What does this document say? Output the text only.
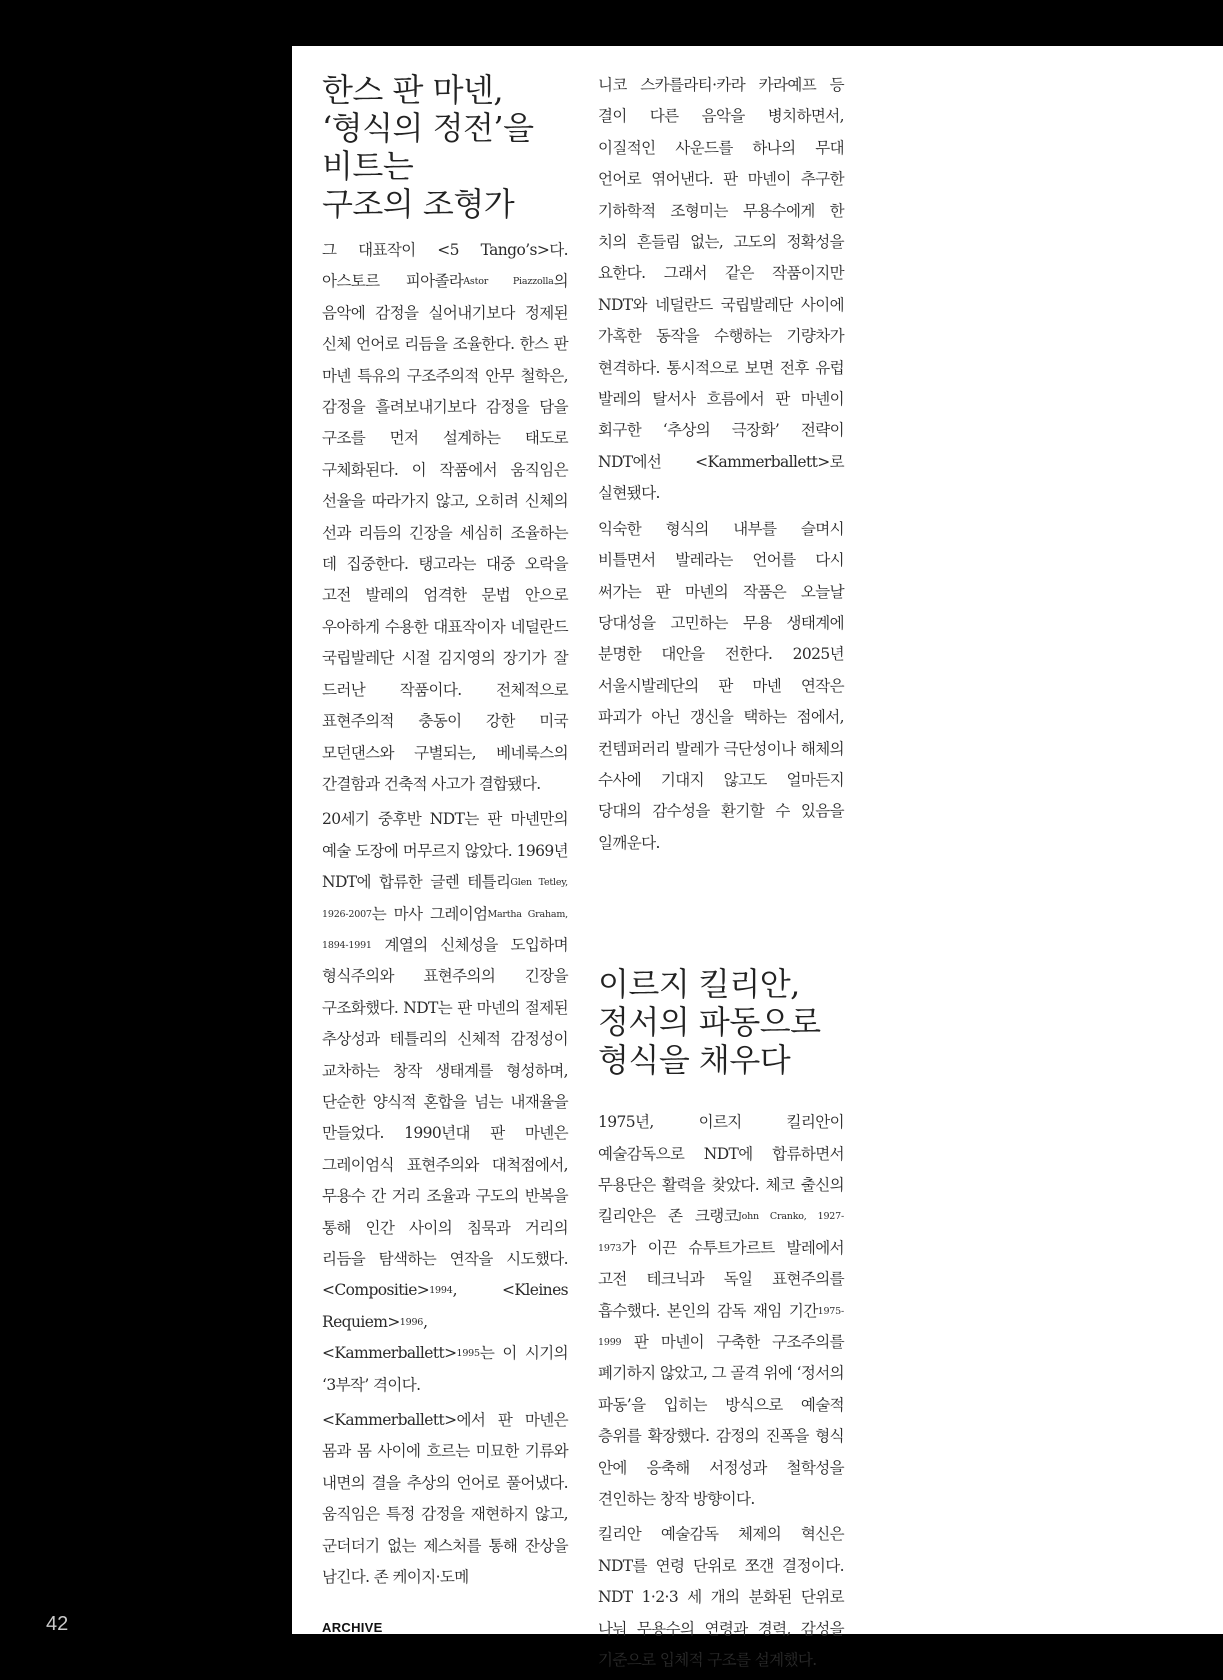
한스 판 마넨,
‘형식의 정전’을
비트는
구조의 조형가

그 대표작이 <5 Tango’s>다. 아스토르 피아졸라Astor Piazzolla의 음악에 감정을 실어내기보다 정제된 신체 언어로 리듬을 조율한다. 한스 판 마넨 특유의 구조주의적 안무 철학은, 감정을 흘려보내기보다 감정을 담을 구조를 먼저 설계하는 태도로 구체화된다. 이 작품에서 움직임은 선율을 따라가지 않고, 오히려 신체의 선과 리듬의 긴장을 세심히 조율하는 데 집중한다. 탱고라는 대중 오락을 고전 발레의 엄격한 문법 안으로 우아하게 수용한 대표작이자 네덜란드 국립발레단 시절 김지영의 장기가 잘 드러난 작품이다. 전체적으로 표현주의적 충동이 강한 미국 모던댄스와 구별되는, 베네룩스의 간결함과 건축적 사고가 결합됐다.

20세기 중후반 NDT는 판 마넨만의 예술 도장에 머무르지 않았다. 1969년 NDT에 합류한 글렌 테틀리Glen Tetley, 1926-2007는 마사 그레이엄Martha Graham, 1894-1991 계열의 신체성을 도입하며 형식주의와 표현주의의 긴장을 구조화했다. NDT는 판 마넨의 절제된 추상성과 테틀리의 신체적 감정성이 교차하는 창작 생태계를 형성하며, 단순한 양식적 혼합을 넘는 내재율을 만들었다. 1990년대 판 마넨은 그레이엄식 표현주의와 대척점에서, 무용수 간 거리 조율과 구도의 반복을 통해 인간 사이의 침묵과 거리의 리듬을 탐색하는 연작을 시도했다. <Compositie>$^{1994}$, <Kleines Requiem>$^{1996}$, <Kammerballett>$^{1995}$는 이 시기의 ‘3부작’ 격이다.

<Kammerballett>에서 판 마넨은 몸과 몸 사이에 흐르는 미묘한 기류와 내면의 결을 추상의 언어로 풀어냈다. 움직임은 특정 감정을 재현하지 않고, 군더더기 없는 제스처를 통해 잔상을 남긴다. 존 케이지·도메

니코 스카를라티·카라 카라예프 등 결이 다른 음악을 병치하면서, 이질적인 사운드를 하나의 무대 언어로 엮어낸다. 판 마넨이 추구한 기하학적 조형미는 무용수에게 한 치의 흔들림 없는, 고도의 정확성을 요한다. 그래서 같은 작품이지만 NDT와 네덜란드 국립발레단 사이에 가혹한 동작을 수행하는 기량차가 현격하다. 통시적으로 보면 전후 유럽 발레의 탈서사 흐름에서 판 마넨이 회구한 ‘추상의 극장화’ 전략이 NDT에선 <Kammerballett>로 실현됐다.

익숙한 형식의 내부를 슬며시 비틀면서 발레라는 언어를 다시 써가는 판 마넨의 작품은 오늘날 당대성을 고민하는 무용 생태계에 분명한 대안을 전한다. 2025년 서울시발레단의 판 마넨 연작은 파괴가 아닌 갱신을 택하는 점에서, 컨템퍼러리 발레가 극단성이나 해체의 수사에 기대지 않고도 얼마든지 당대의 감수성을 환기할 수 있음을 일깨운다.

이르지 킬리안,
정서의 파동으로
형식을 채우다

1975년, 이르지 킬리안이 예술감독으로 NDT에 합류하면서 무용단은 활력을 찾았다. 체코 출신의 킬리안은 존 크랭코John Cranko, 1927-1973가 이끈 슈투트가르트 발레에서 고전 테크닉과 독일 표현주의를 흡수했다. 본인의 감독 재임 기간1975-1999 판 마넨이 구축한 구조주의를 폐기하지 않았고, 그 골격 위에 ‘정서의 파동’을 입히는 방식으로 예술적 층위를 확장했다. 감정의 진폭을 형식 안에 응축해 서정성과 철학성을 견인하는 창작 방향이다.

킬리안 예술감독 체제의 혁신은 NDT를 연령 단위로 쪼갠 결정이다. NDT 1·2·3 세 개의 분화된 단위로 나눠 무용수의 연령과 경력, 감성을 기준으로 입체적 구조를 설계했다.

42	ARCHIVE
